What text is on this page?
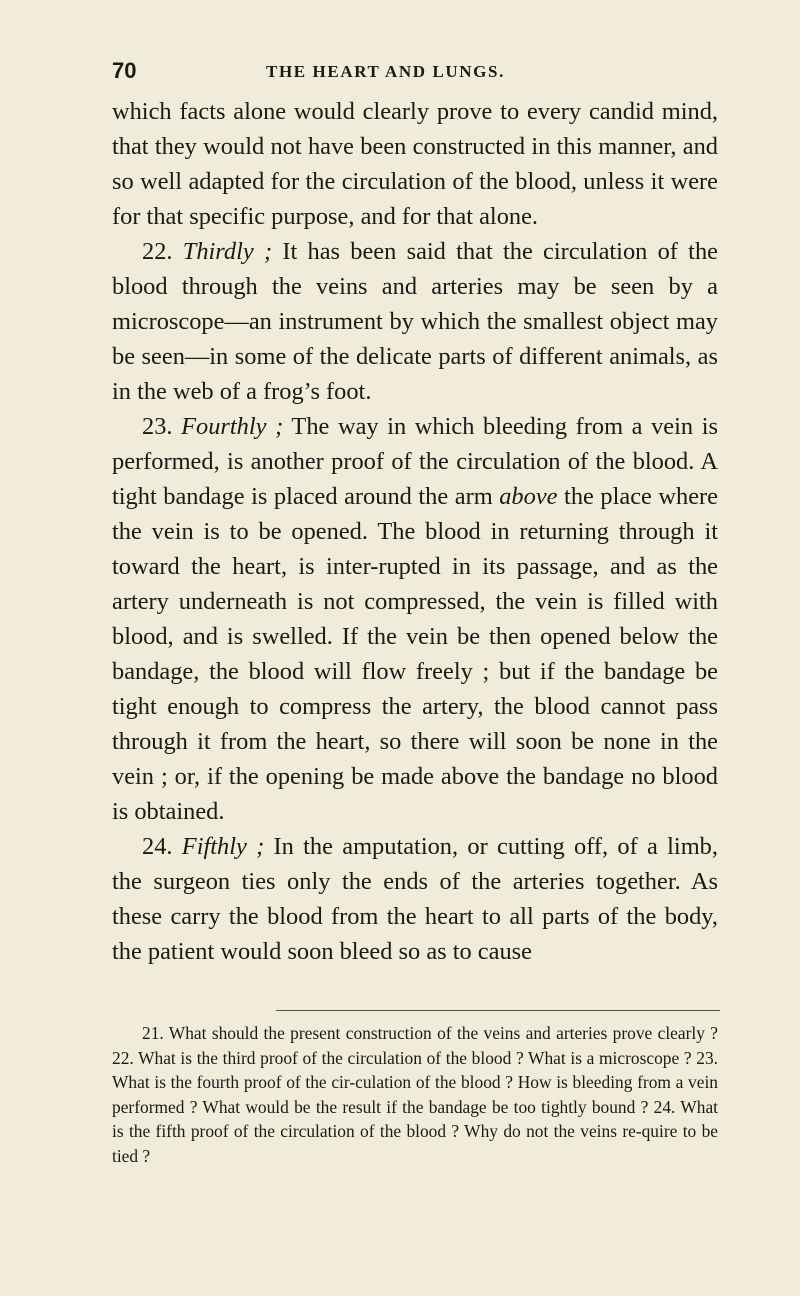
70	THE HEART AND LUNGS.

which facts alone would clearly prove to every candid mind, that they would not have been constructed in this manner, and so well adapted for the circulation of the blood, unless it were for that specific purpose, and for that alone.

22. Thirdly ; It has been said that the circulation of the blood through the veins and arteries may be seen by a microscope—an instrument by which the smallest object may be seen—in some of the delicate parts of different animals, as in the web of a frog’s foot.

23. Fourthly ; The way in which bleeding from a vein is performed, is another proof of the circulation of the blood. A tight bandage is placed around the arm above the place where the vein is to be opened. The blood in returning through it toward the heart, is inter-rupted in its passage, and as the artery underneath is not compressed, the vein is filled with blood, and is swelled. If the vein be then opened below the bandage, the blood will flow freely ; but if the bandage be tight enough to compress the artery, the blood cannot pass through it from the heart, so there will soon be none in the vein ; or, if the opening be made above the bandage no blood is obtained.

24. Fifthly ; In the amputation, or cutting off, of a limb, the surgeon ties only the ends of the arteries together. As these carry the blood from the heart to all parts of the body, the patient would soon bleed so as to cause

21. What should the present construction of the veins and arteries prove clearly ? 22. What is the third proof of the circulation of the blood ? What is a microscope ? 23. What is the fourth proof of the cir-culation of the blood ? How is bleeding from a vein performed ? What would be the result if the bandage be too tightly bound ? 24. What is the fifth proof of the circulation of the blood ? Why do not the veins re-quire to be tied ?
